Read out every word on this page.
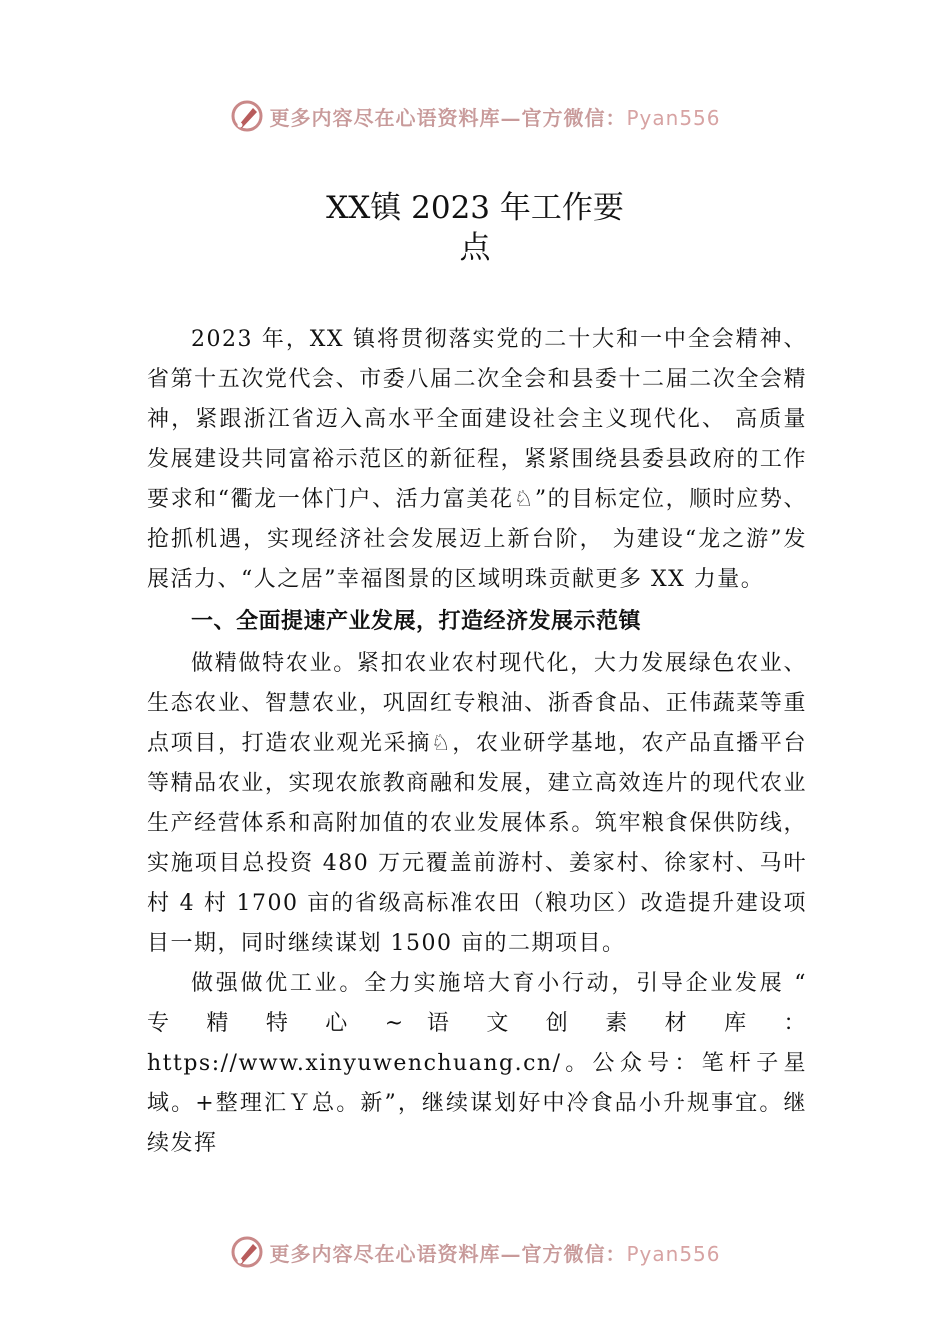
更多内容尽在心语资料库—官方微信：Pyan556
XX镇 2023 年工作要
点

2023 年，XX 镇将贯彻落实党的二十大和一中全会精神、省第十五次党代会、市委八届二次全会和县委十二届二次全会精神，紧跟浙江省迈入高水平全面建设社会主义现代化、 高质量发展建设共同富裕示范区的新征程，紧紧围绕县委县政府的工作要求和“衢龙一体门户、活力富美花♘”的目标定位，顺时应势、抢抓机遇，实现经济社会发展迈上新台阶， 为建设“龙之游”发展活力、“人之居”幸福图景的区域明珠贡献更多 XX 力量。

一、全面提速产业发展，打造经济发展示范镇

做精做特农业。紧扣农业农村现代化，大力发展绿色农业、生态农业、智慧农业，巩固红专粮油、浙香食品、正伟蔬菜等重点项目，打造农业观光采摘♘，农业研学基地，农产品直播平台等精品农业，实现农旅教商融和发展，建立高效连片的现代农业生产经营体系和高附加值的农业发展体系。筑牢粮食保供防线，实施项目总投资 480 万元覆盖前游村、姜家村、徐家村、马叶村 4 村 1700 亩的省级高标准农田（粮功区）改造提升建设项目一期，同时继续谋划 1500 亩的二期项目。

做强做优工业。全力实施培大育小行动，引导企业发展 “ 专 精 特 心 ~ 语 文 创 素 材 库 ： https://www.xinyuwenchuang.cn/。公众号：笔杆子星域。+整理汇Ｙ总。新”，继续谋划好中冷食品小升规事宜。继续发挥

更多内容尽在心语资料库—官方微信：Pyan556
